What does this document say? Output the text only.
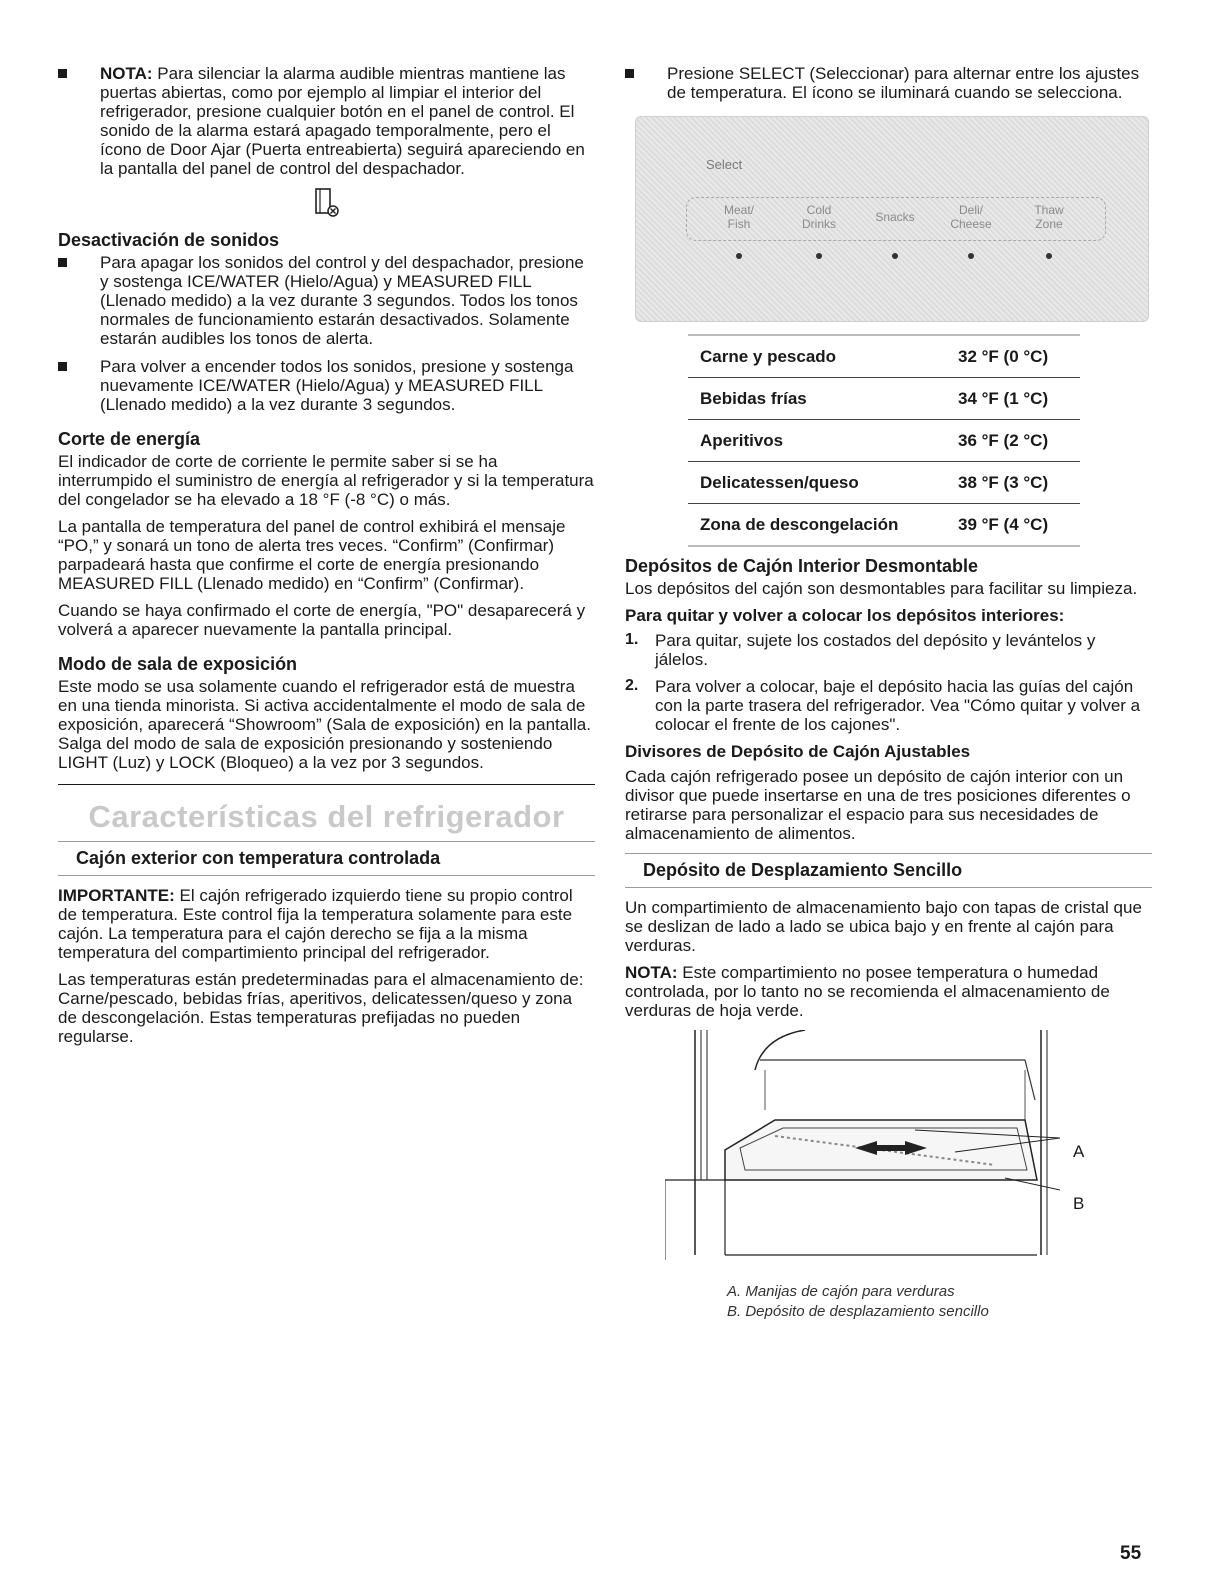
NOTA: Para silenciar la alarma audible mientras mantiene las puertas abiertas, como por ejemplo al limpiar el interior del refrigerador, presione cualquier botón en el panel de control. El sonido de la alarma estará apagado temporalmente, pero el ícono de Door Ajar (Puerta entreabierta) seguirá apareciendo en la pantalla del panel de control del despachador.

Desactivación de sonidos

Para apagar los sonidos del control y del despachador, presione y sostenga ICE/WATER (Hielo/Agua) y MEASURED FILL (Llenado medido) a la vez durante 3 segundos. Todos los tonos normales de funcionamiento estarán desactivados. Solamente estarán audibles los tonos de alerta.

Para volver a encender todos los sonidos, presione y sostenga nuevamente ICE/WATER (Hielo/Agua) y MEASURED FILL (Llenado medido) a la vez durante 3 segundos.

Corte de energía

El indicador de corte de corriente le permite saber si se ha interrumpido el suministro de energía al refrigerador y si la temperatura del congelador se ha elevado a 18 °F (-8 °C) o más.

La pantalla de temperatura del panel de control exhibirá el mensaje “PO,” y sonará un tono de alerta tres veces. “Confirm” (Confirmar) parpadeará hasta que confirme el corte de energía presionando MEASURED FILL (Llenado medido) en “Confirm” (Confirmar).

Cuando se haya confirmado el corte de energía, "PO" desaparecerá y volverá a aparecer nuevamente la pantalla principal.

Modo de sala de exposición

Este modo se usa solamente cuando el refrigerador está de muestra en una tienda minorista. Si activa accidentalmente el modo de sala de exposición, aparecerá “Showroom” (Sala de exposición) en la pantalla. Salga del modo de sala de exposición presionando y sosteniendo LIGHT (Luz) y LOCK (Bloqueo) a la vez por 3 segundos.

Características del refrigerador
Cajón exterior con temperatura controlada

IMPORTANTE: El cajón refrigerado izquierdo tiene su propio control de temperatura. Este control fija la temperatura solamente para este cajón. La temperatura para el cajón derecho se fija a la misma temperatura del compartimiento principal del refrigerador.

Las temperaturas están predeterminadas para el almacenamiento de: Carne/pescado, bebidas frías, aperitivos, delicatessen/queso y zona de descongelación. Estas temperaturas prefijadas no pueden regularse.

Presione SELECT (Seleccionar) para alternar entre los ajustes de temperatura. El ícono se iluminará cuando se selecciona.

Select
Meat/
Fish
Cold
Drinks	Snacks	Deli/
Cheese
Thaw
Zone
Carne y pescado	32 °F (0 °C)
Bebidas frías	34 °F (1 °C)
Aperitivos	36 °F (2 °C)
Delicatessen/queso	38 °F (3 °C)
Zona de descongelación	39 °F (4 °C)
Depósitos de Cajón Interior Desmontable

Los depósitos del cajón son desmontables para facilitar su limpieza.

Para quitar y volver a colocar los depósitos interiores:

1. Para quitar, sujete los costados del depósito y levántelos y jálelos.

2. Para volver a colocar, baje el depósito hacia las guías del cajón con la parte trasera del refrigerador. Vea "Cómo quitar y volver a colocar el frente de los cajones".

Divisores de Depósito de Cajón Ajustables

Cada cajón refrigerado posee un depósito de cajón interior con un divisor que puede insertarse en una de tres posiciones diferentes o retirarse para personalizar el espacio para sus necesidades de almacenamiento de alimentos.

Depósito de Desplazamiento Sencillo

Un compartimiento de almacenamiento bajo con tapas de cristal que se deslizan de lado a lado se ubica bajo y en frente al cajón para verduras.

NOTA: Este compartimiento no posee temperatura o humedad controlada, por lo tanto no se recomienda el almacenamiento de verduras de hoja verde.

A
B
A. Manijas de cajón para verduras
B. Depósito de desplazamiento sencillo
55
